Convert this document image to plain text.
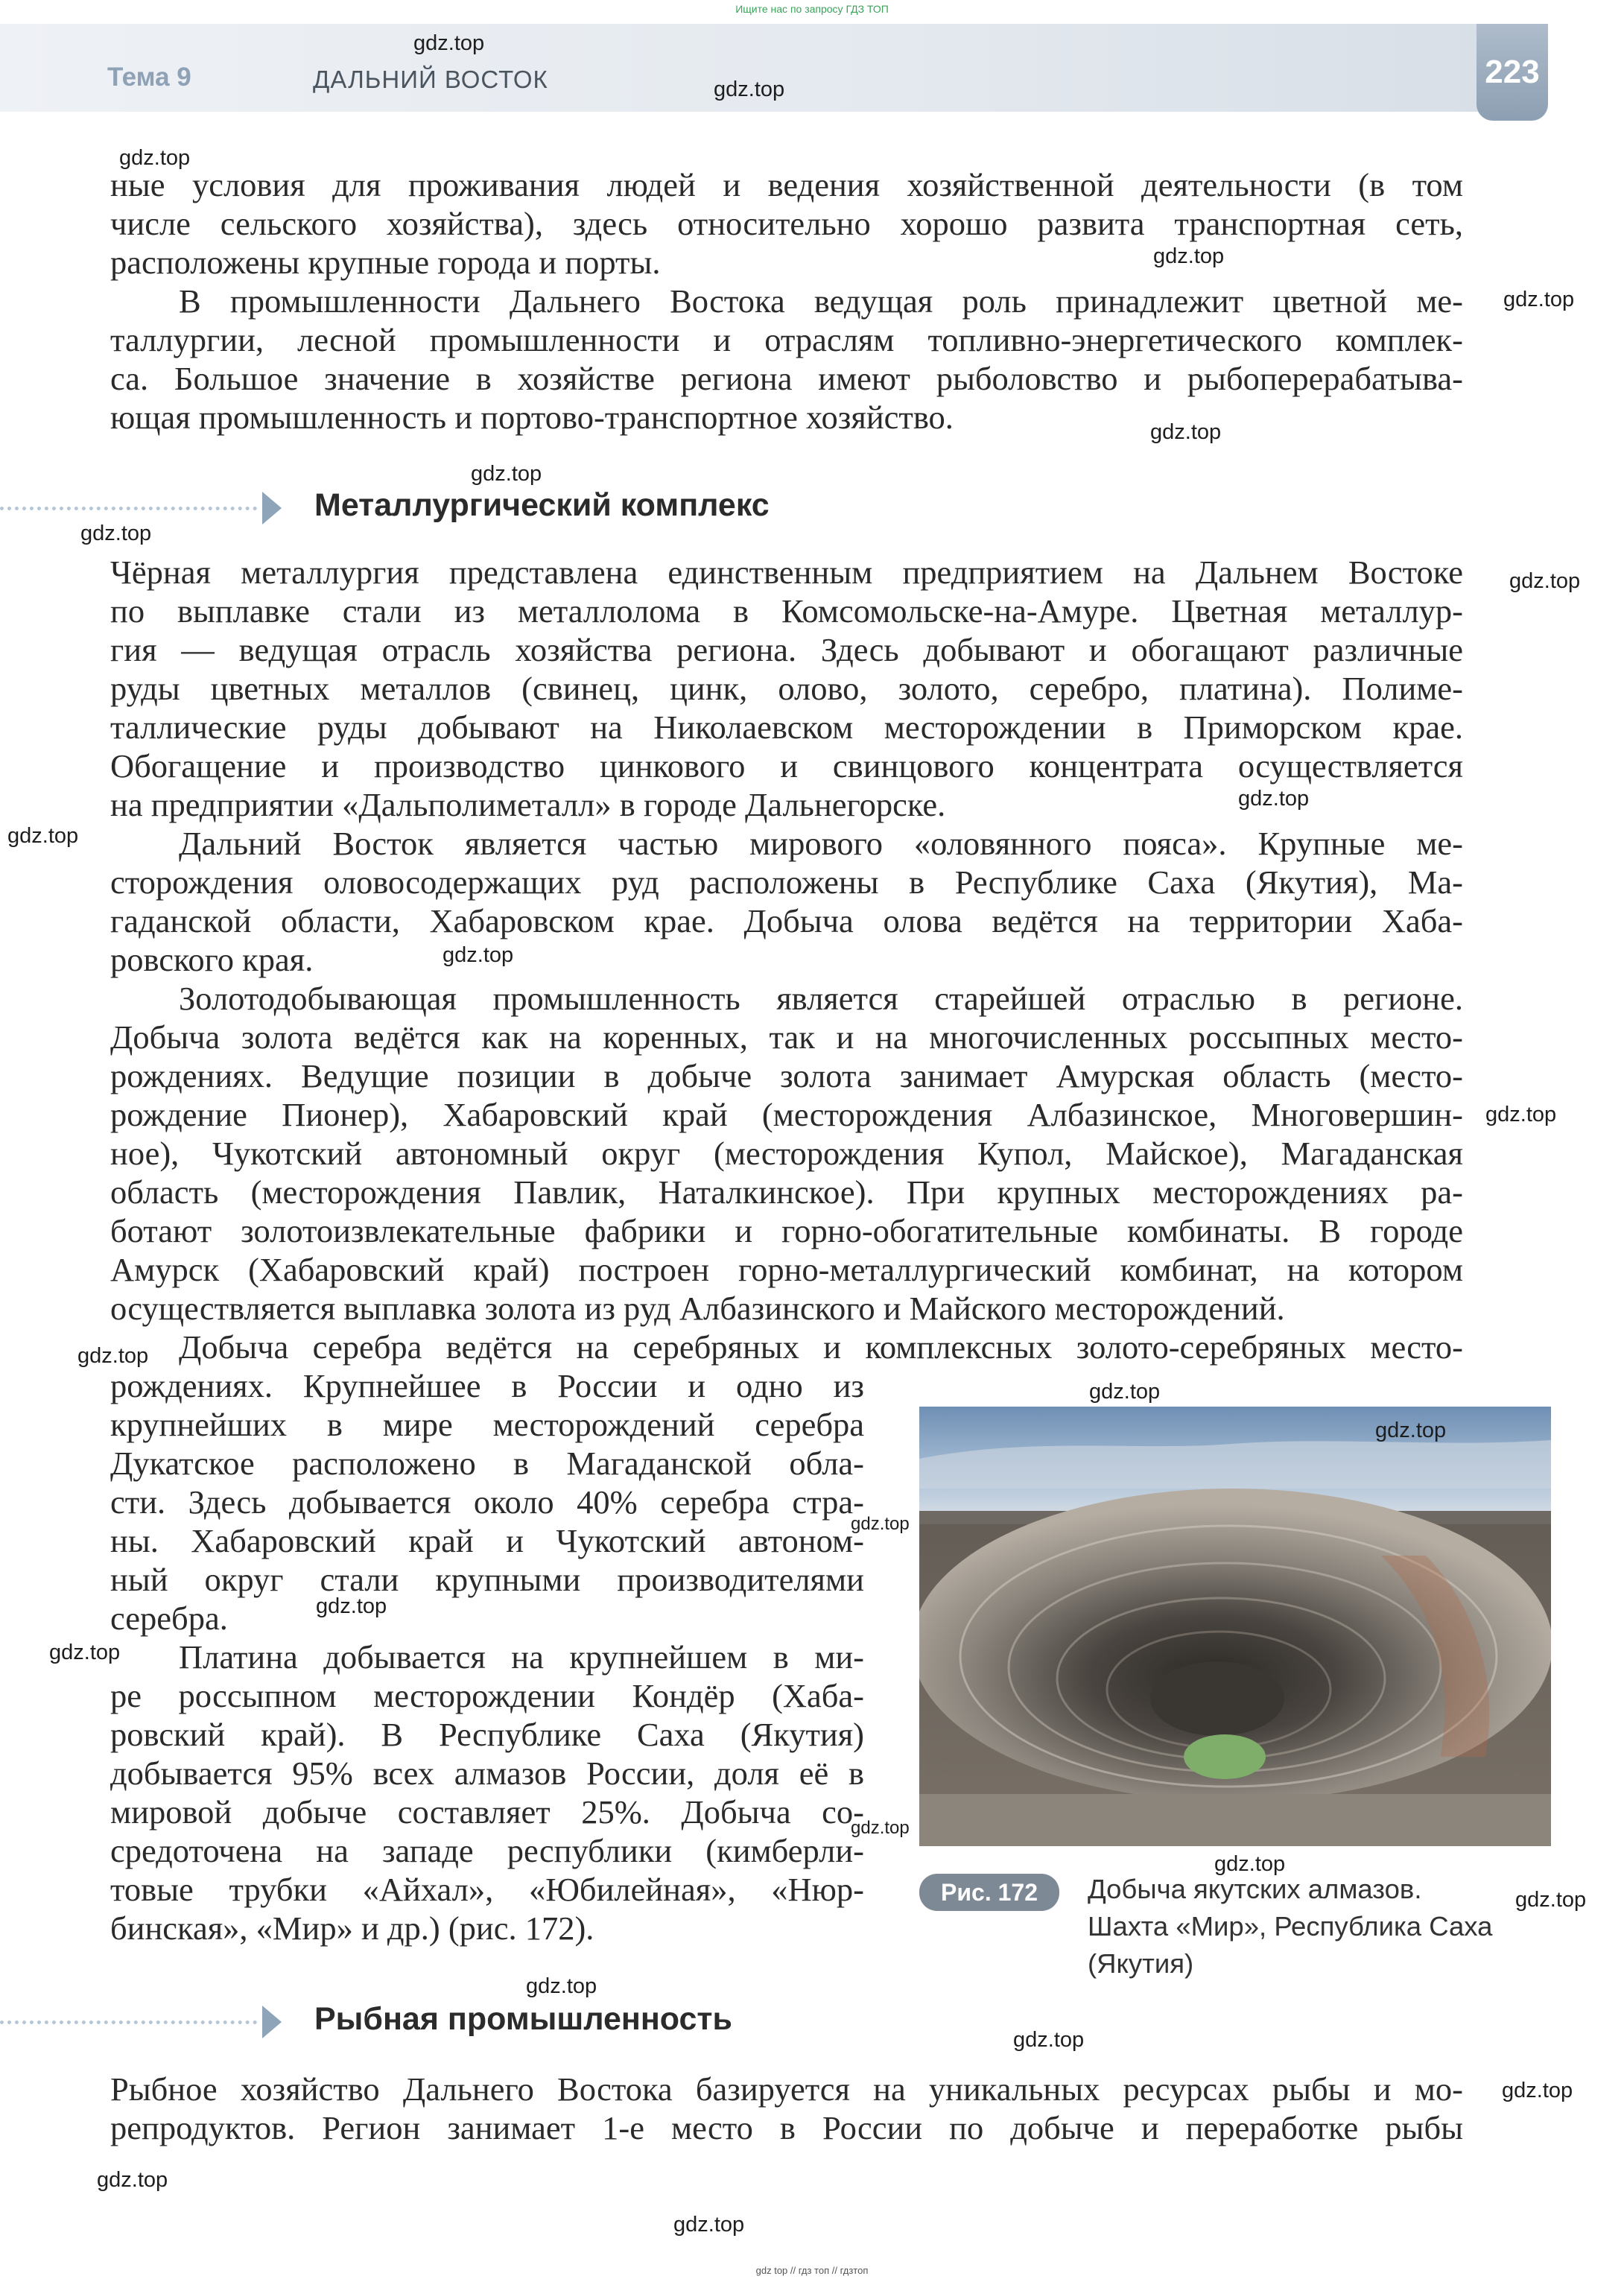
Ищите нас по запросу ГДЗ ТОП
Тема 9	ДАЛЬНИЙ ВОСТОК	223
ные условия для проживания людей и ведения хозяйственной деятельности (в том
числе сельского хозяйства), здесь относительно хорошо развита транспортная сеть,
расположены крупные города и порты.
В промышленности Дальнего Востока ведущая роль принадлежит цветной ме-
таллургии, лесной промышленности и отраслям топливно-энергетического комплек-
са. Большое значение в хозяйстве региона имеют рыболовство и рыбоперерабатыва-
ющая промышленность и портово-транспортное хозяйство.
Металлургический комплекс
Чёрная металлургия представлена единственным предприятием на Дальнем Востоке
по выплавке стали из металлолома в Комсомольске-на-Амуре. Цветная металлур-
гия — ведущая отрасль хозяйства региона. Здесь добывают и обогащают различные
руды цветных металлов (свинец, цинк, олово, золото, серебро, платина). Полиме-
таллические руды добывают на Николаевском месторождении в Приморском крае.
Обогащение и производство цинкового и свинцового концентрата осуществляется
на предприятии «Дальполиметалл» в городе Дальнегорске.
Дальний Восток является частью мирового «оловянного пояса». Крупные ме-
сторождения оловосодержащих руд расположены в Республике Саха (Якутия), Ма-
гаданской области, Хабаровском крае. Добыча олова ведётся на территории Хаба-
ровского края.
Золотодобывающая промышленность является старейшей отраслью в регионе.
Добыча золота ведётся как на коренных, так и на многочисленных россыпных место-
рождениях. Ведущие позиции в добыче золота занимает Амурская область (место-
рождение Пионер), Хабаровский край (месторождения Албазинское, Многовершин-
ное), Чукотский автономный округ (месторождения Купол, Майское), Магаданская
область (месторождения Павлик, Наталкинское). При крупных месторождениях ра-
ботают золотоизвлекательные фабрики и горно-обогатительные комбинаты. В городе
Амурск (Хабаровский край) построен горно-металлургический комбинат, на котором
осуществляется выплавка золота из руд Албазинского и Майского месторождений.
Добыча серебра ведётся на серебряных и комплексных золото-серебряных место-
рождениях. Крупнейшее в России и одно из
крупнейших в мире месторождений серебра
Дукатское расположено в Магаданской обла-
сти. Здесь добывается около 40% серебра стра-
ны. Хабаровский край и Чукотский автоном-
ный округ стали крупными производителями
серебра.
Платина добывается на крупнейшем в ми-
ре россыпном месторождении Кондёр (Хаба-
ровский край). В Республике Саха (Якутия)
добывается 95% всех алмазов России, доля её в
мировой добыче составляет 25%. Добыча со-
средоточена на западе республики (кимберли-
товые трубки «Айхал», «Юбилейная», «Нюр-
бинская», «Мир» и др.) (рис. 172).
Рис. 172	Добыча якутских алмазов.
Шахта «Мир», Республика Саха
(Якутия)
Рыбная промышленность
Рыбное хозяйство Дальнего Востока базируется на уникальных ресурсах рыбы и мо-
репродуктов. Регион занимает 1-е место в России по добыче и переработке рыбы
gdz.top
gdz.top
gdz.top
gdz.top
gdz.top
gdz.top
gdz.top
gdz.top
gdz.top
gdz.top
gdz.top
gdz.top
gdz.top
gdz.top
gdz.top
gdz.top
gdz.top
gdz.top
gdz.top
gdz.top
gdz.top
gdz.top
gdz.top
gdz.top
gdz.top
gdz.top
gdz.top
gdz top // гдз топ // гдзтоп
